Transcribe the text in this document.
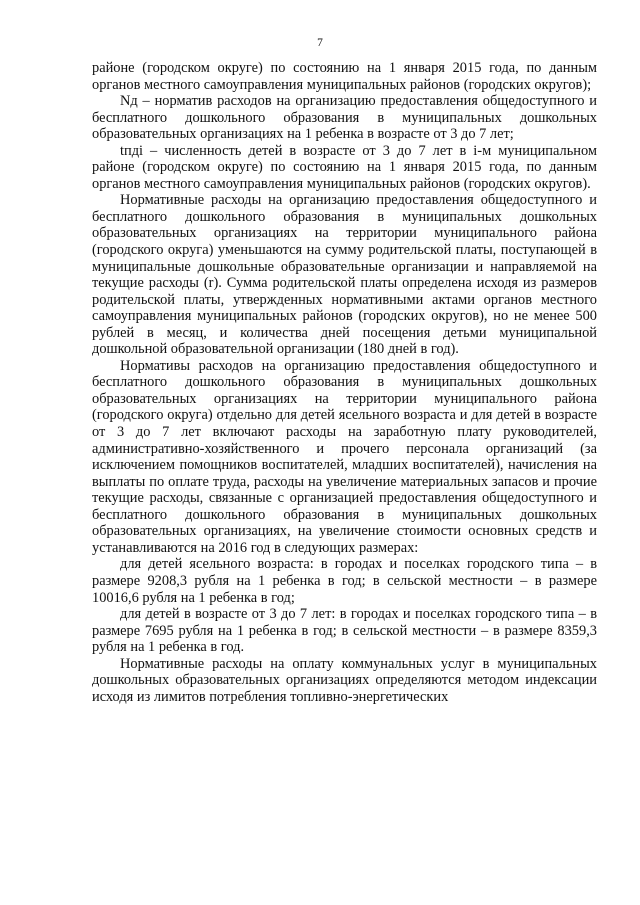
7

районе (городском округе) по состоянию на 1 января 2015 года, по данным органов местного самоуправления муниципальных районов (городских округов);

Nд – норматив расходов на организацию предоставления общедоступного и бесплатного дошкольного образования в муниципальных дошкольных образовательных организациях на 1 ребенка в возрасте от 3 до 7 лет;

tпдi – численность детей в возрасте от 3 до 7 лет в i-м муниципальном районе (городском округе) по состоянию на 1 января 2015 года, по данным органов местного самоуправления муниципальных районов (городских округов).

Нормативные расходы на организацию предоставления общедоступного и бесплатного дошкольного образования в муниципальных дошкольных образовательных организациях на территории муниципального района (городского округа) уменьшаются на сумму родительской платы, поступающей в муниципальные дошкольные образовательные организации и направляемой на текущие расходы (r). Сумма родительской платы определена исходя из размеров родительской платы, утвержденных нормативными актами органов местного самоуправления муниципальных районов (городских округов), но не менее 500 рублей в месяц, и количества дней посещения детьми муниципальной дошкольной образовательной организации (180 дней в год).

Нормативы расходов на организацию предоставления общедоступного и бесплатного дошкольного образования в муниципальных дошкольных образовательных организациях на территории муниципального района (городского округа) отдельно для детей ясельного возраста и для детей в возрасте от 3 до 7 лет включают расходы на заработную плату руководителей, административно-хозяйственного и прочего персонала организаций (за исключением помощников воспитателей, младших воспитателей), начисления на выплаты по оплате труда, расходы на увеличение материальных запасов и прочие текущие расходы, связанные с организацией предоставления общедоступного и бесплатного дошкольного образования в муниципальных дошкольных образовательных организациях, на увеличение стоимости основных средств и устанавливаются на 2016 год в следующих размерах:

для детей ясельного возраста: в городах и поселках городского типа – в размере 9208,3 рубля на 1 ребенка в год; в сельской местности – в размере 10016,6 рубля на 1 ребенка в год;

для детей в возрасте от 3 до 7 лет: в городах и поселках городского типа – в размере 7695 рубля на 1 ребенка в год; в сельской местности – в размере 8359,3 рубля на 1 ребенка в год.

Нормативные расходы на оплату коммунальных услуг в муниципальных дошкольных образовательных организациях определяются методом индексации исходя из лимитов потребления топливно-энергетических
